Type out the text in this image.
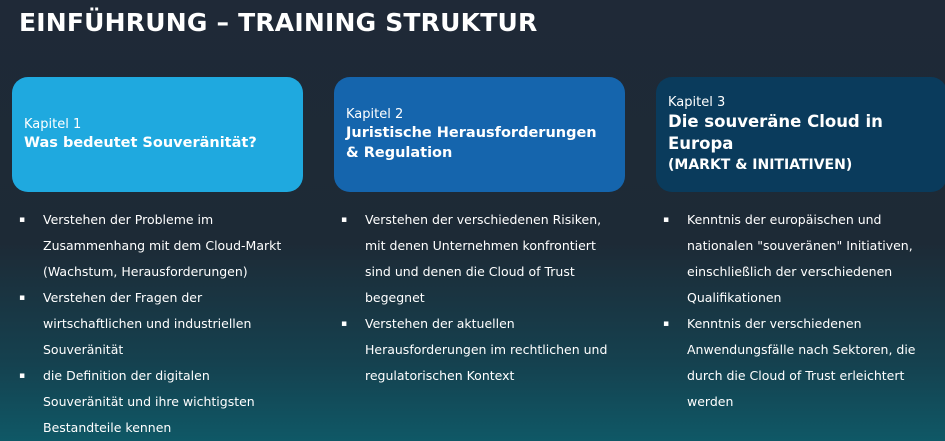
EINFÜHRUNG – TRAINING STRUKTUR
Kapitel 1
Was bedeutet Souveränität?
▪ Verstehen der Probleme im Zusammenhang mit dem Cloud-Markt (Wachstum, Herausforderungen)
▪ Verstehen der Fragen der wirtschaftlichen und industriellen Souveränität
▪ die Definition der digitalen Souveränität und ihre wichtigsten Bestandteile kennen
Kapitel 2
Juristische Herausforderungen & Regulation
▪ Verstehen der verschiedenen Risiken, mit denen Unternehmen konfrontiert sind und denen die Cloud of Trust begegnet
▪ Verstehen der aktuellen Herausforderungen im rechtlichen und regulatorischen Kontext
Kapitel 3
Die souveräne Cloud in Europa
(MARKT & INITIATIVEN)
▪ Kenntnis der europäischen und nationalen "souveränen" Initiativen, einschließlich der verschiedenen Qualifikationen
▪ Kenntnis der verschiedenen Anwendungsfälle nach Sektoren, die durch die Cloud of Trust erleichtert werden
